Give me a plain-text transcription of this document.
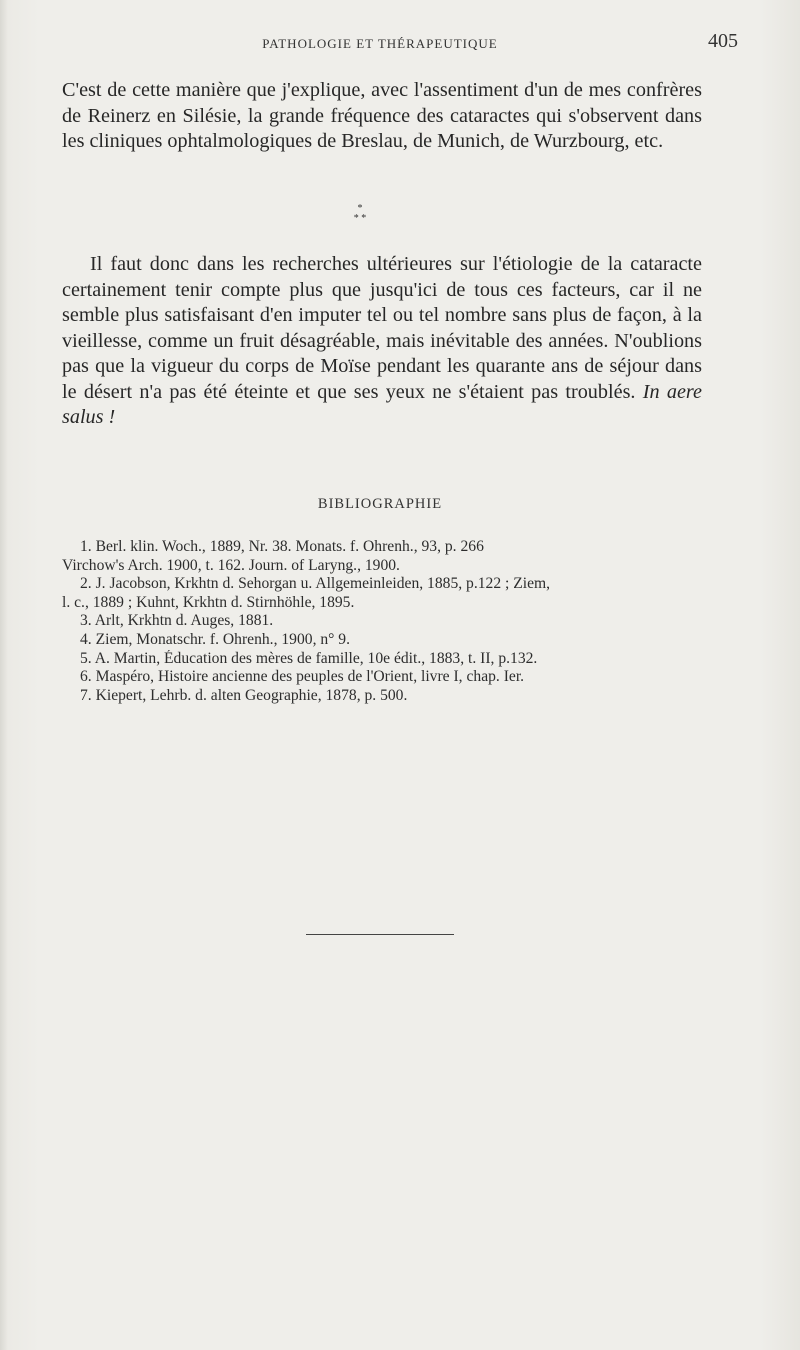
PATHOLOGIE ET THÉRAPEUTIQUE	405

C'est de cette manière que j'explique, avec l'assentiment d'un de mes confrères de Reinerz en Silésie, la grande fréquence des cataractes qui s'observent dans les cliniques ophtalmologiques de Breslau, de Munich, de Wurzbourg, etc.

*
* *

Il faut donc dans les recherches ultérieures sur l'étiologie de la cataracte certainement tenir compte plus que jusqu'ici de tous ces facteurs, car il ne semble plus satisfaisant d'en imputer tel ou tel nombre sans plus de façon, à la vieillesse, comme un fruit désagréable, mais inévitable des années. N'oublions pas que la vigueur du corps de Moïse pendant les quarante ans de séjour dans le désert n'a pas été éteinte et que ses yeux ne s'étaient pas troublés. In aere salus !

BIBLIOGRAPHIE
1. Berl. klin. Woch., 1889, Nr. 38. Monats. f. Ohrenh., 93, p. 266
Virchow's Arch. 1900, t. 162. Journ. of Laryng., 1900.
2. J. Jacobson, Krkhtn d. Sehorgan u. Allgemeinleiden, 1885, p.122 ; Ziem,
l. c., 1889 ; Kuhnt, Krkhtn d. Stirnhöhle, 1895.
3. Arlt, Krkhtn d. Auges, 1881.
4. Ziem, Monatschr. f. Ohrenh., 1900, n° 9.
5. A. Martin, Éducation des mères de famille, 10e édit., 1883, t. II, p.132.
6. Maspéro, Histoire ancienne des peuples de l'Orient, livre I, chap. Ier.
7. Kiepert, Lehrb. d. alten Geographie, 1878, p. 500.
